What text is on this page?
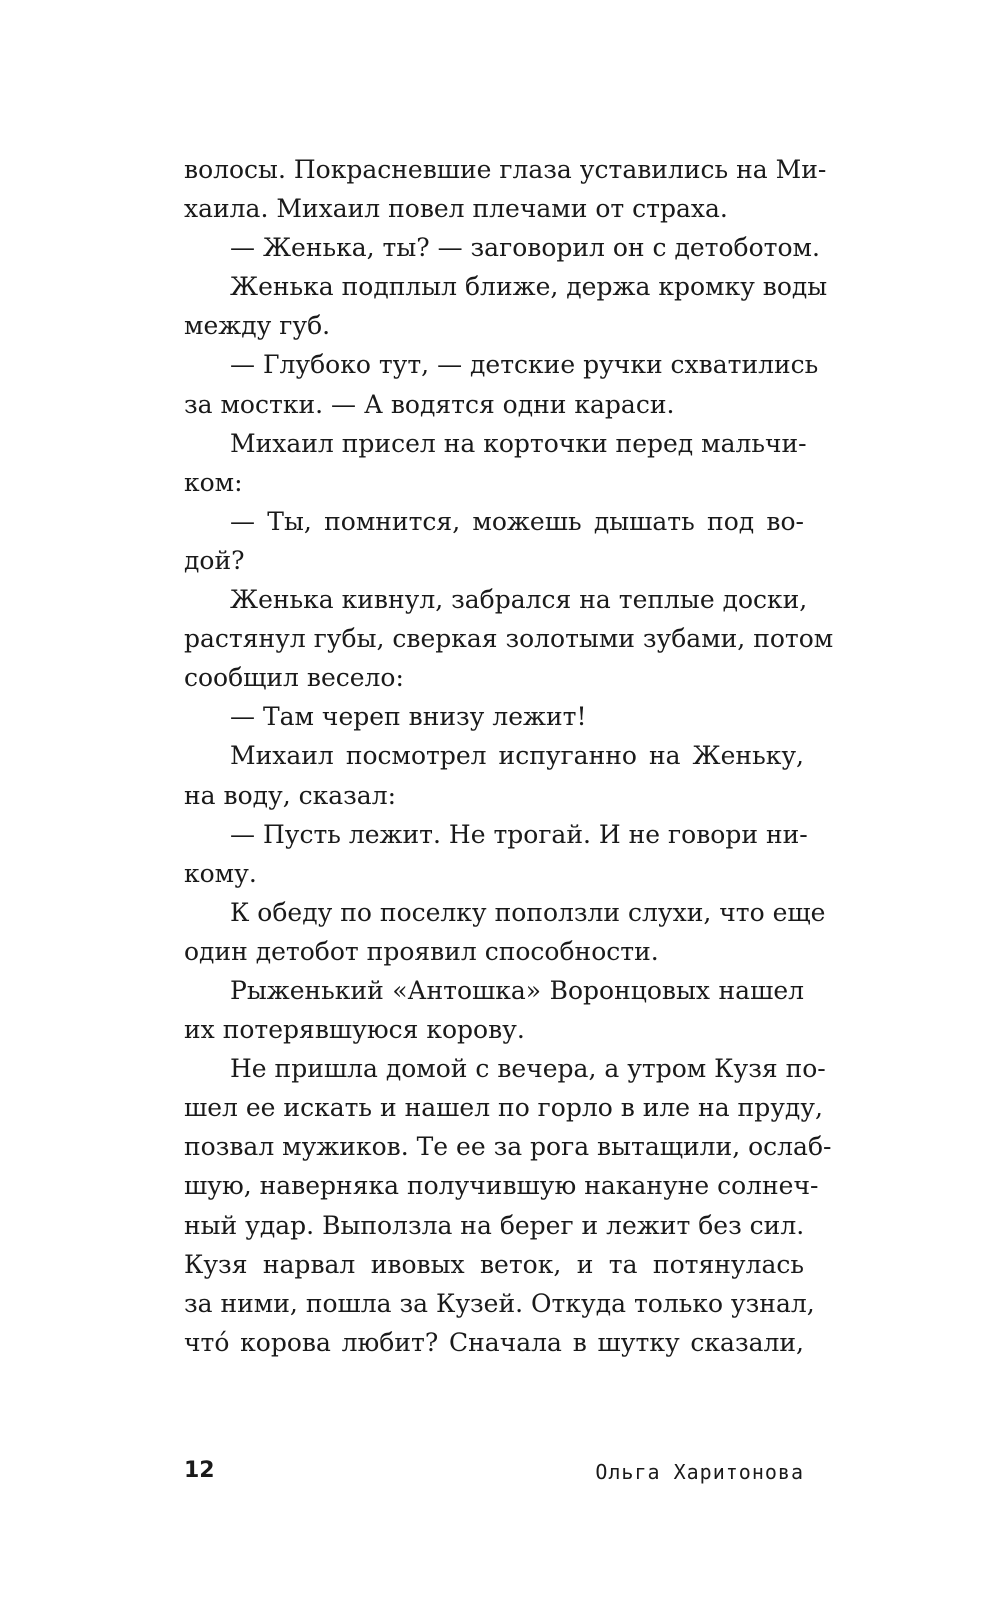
волосы. Покрасневшие глаза уставились на Ми-
хаила. Михаил повел плечами от страха.
— Женька, ты? — заговорил он с детоботом.
Женька подплыл ближе, держа кромку воды
между губ.
— Глубоко тут, — детские ручки схватились
за мостки. — А водятся одни караси.
Михаил присел на корточки перед мальчи-
ком:
— Ты, помнится, можешь дышать под во-
дой?
Женька кивнул, забрался на теплые доски,
растянул губы, сверкая золотыми зубами, потом
сообщил весело:
— Там череп внизу лежит!
Михаил посмотрел испуганно на Женьку,
на воду, сказал:
— Пусть лежит. Не трогай. И не говори ни-
кому.
К обеду по поселку поползли слухи, что еще
один детобот проявил способности.
Рыженький «Антошка» Воронцовых нашел
их потерявшуюся корову.
Не пришла домой с вечера, а утром Кузя по-
шел ее искать и нашел по горло в иле на пруду,
позвал мужиков. Те ее за рога вытащили, ослаб-
шую, наверняка получившую накануне солнеч-
ный удар. Выползла на берег и лежит без сил.
Кузя нарвал ивовых веток, и та потянулась
за ними, пошла за Кузей. Откуда только узнал,
что́ корова любит? Сначала в шутку сказали,
12	Ольга Харитонова
